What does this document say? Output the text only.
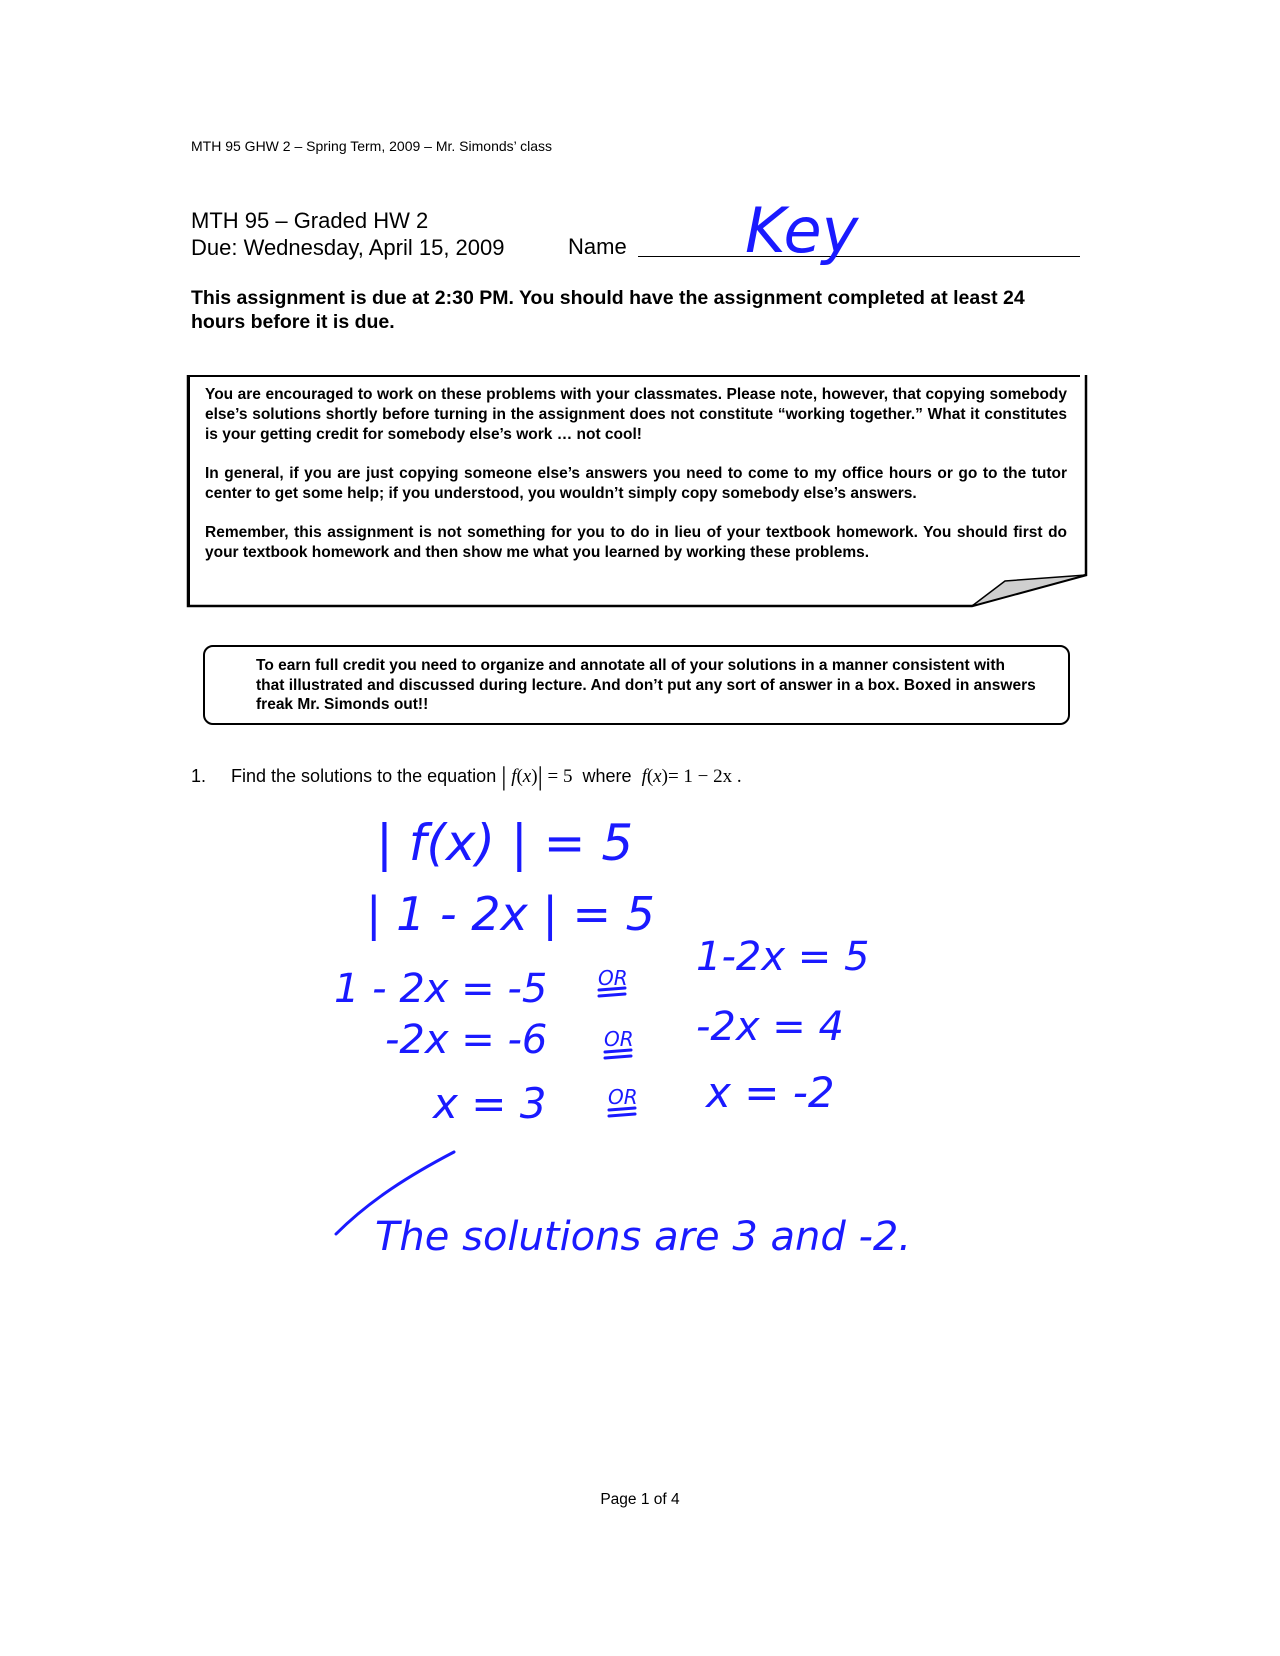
MTH 95 GHW 2 – Spring Term, 2009 – Mr. Simonds’ class
MTH 95 – Graded HW 2
Due: Wednesday, April 15, 2009	Name Key
This assignment is due at 2:30 PM. You should have the assignment completed at least 24 hours before it is due.

You are encouraged to work on these problems with your classmates. Please note, however, that copying somebody else’s solutions shortly before turning in the assignment does not constitute “working together.” What it constitutes is your getting credit for somebody else’s work … not cool!

In general, if you are just copying someone else’s answers you need to come to my office hours or go to the tutor center to get some help; if you understood, you wouldn’t simply copy somebody else’s answers.

Remember, this assignment is not something for you to do in lieu of your textbook homework. You should first do your textbook homework and then show me what you learned by working these problems.

To earn full credit you need to organize and annotate all of your solutions in a manner consistent with that illustrated and discussed during lecture. And don’t put any sort of answer in a box. Boxed in answers freak Mr. Simonds out!!
1. Find the solutions to the equation | f(x)| = 5 where f(x)= 1 − 2x .
| f(x) | = 5
| 1 - 2x | = 5
1 - 2x = -5	OR 1-2x = 5
-2x = -6	OR -2x = 4
x = 3	OR x = -2
The solutions are 3 and -2.
Page 1 of 4
